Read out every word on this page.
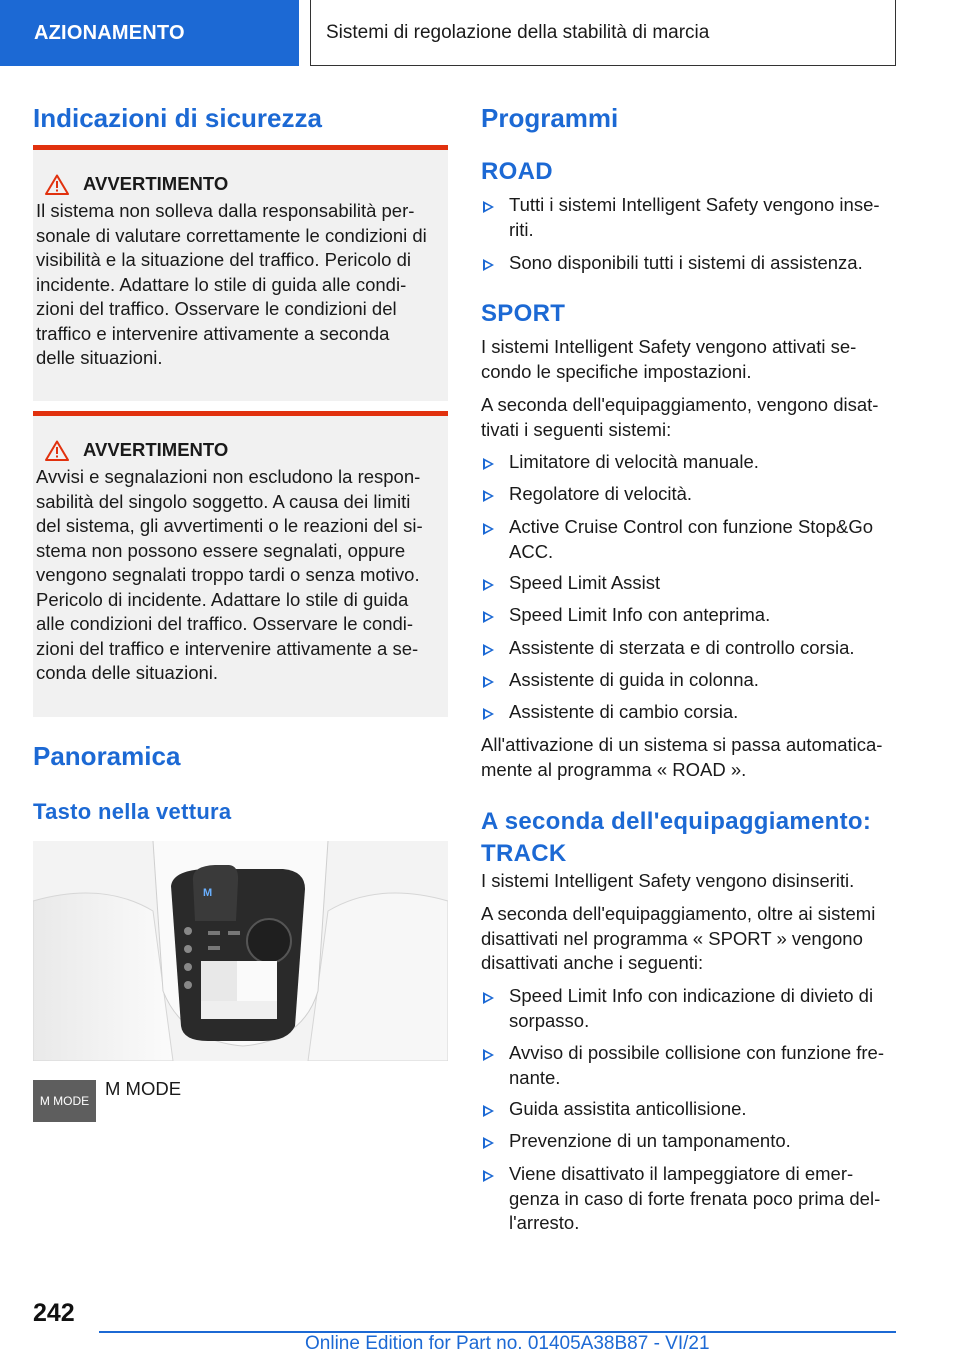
AZIONAMENTO	Sistemi di regolazione della stabilità di marcia
Indicazioni di sicurezza
AVVERTIMENTO
Il sistema non solleva dalla responsabilità per-
sonale di valutare correttamente le condizioni di
visibilità e la situazione del traffico. Pericolo di
incidente. Adattare lo stile di guida alle condi-
zioni del traffico. Osservare le condizioni del
traffico e intervenire attivamente a seconda
delle situazioni.
AVVERTIMENTO
Avvisi e segnalazioni non escludono la respon-
sabilità del singolo soggetto. A causa dei limiti
del sistema, gli avvertimenti o le reazioni del si-
stema non possono essere segnalati, oppure
vengono segnalati troppo tardi o senza motivo.
Pericolo di incidente. Adattare lo stile di guida
alle condizioni del traffico. Osservare le condi-
zioni del traffico e intervenire attivamente a se-
conda delle situazioni.
Panoramica
Tasto nella vettura
M
M MODE
M MODE
Programmi
ROAD
Tutti i sistemi Intelligent Safety vengono inse-
riti.
Sono disponibili tutti i sistemi di assistenza.
SPORT
I sistemi Intelligent Safety vengono attivati se-
condo le specifiche impostazioni.
A seconda dell'equipaggiamento, vengono disat-
tivati i seguenti sistemi:
Limitatore di velocità manuale.
Regolatore di velocità.
Active Cruise Control con funzione Stop&Go
ACC.
Speed Limit Assist
Speed Limit Info con anteprima.
Assistente di sterzata e di controllo corsia.
Assistente di guida in colonna.
Assistente di cambio corsia.
All'attivazione di un sistema si passa automatica-
mente al programma « ROAD ».
A seconda dell'equipaggiamento:
TRACK
I sistemi Intelligent Safety vengono disinseriti.
A seconda dell'equipaggiamento, oltre ai sistemi
disattivati nel programma « SPORT » vengono
disattivati anche i seguenti:
Speed Limit Info con indicazione di divieto di
sorpasso.
Avviso di possibile collisione con funzione fre-
nante.
Guida assistita anticollisione.
Prevenzione di un tamponamento.
Viene disattivato il lampeggiatore di emer-
genza in caso di forte frenata poco prima del-
l'arresto.
242
Online Edition for Part no. 01405A38B87 - VI/21
